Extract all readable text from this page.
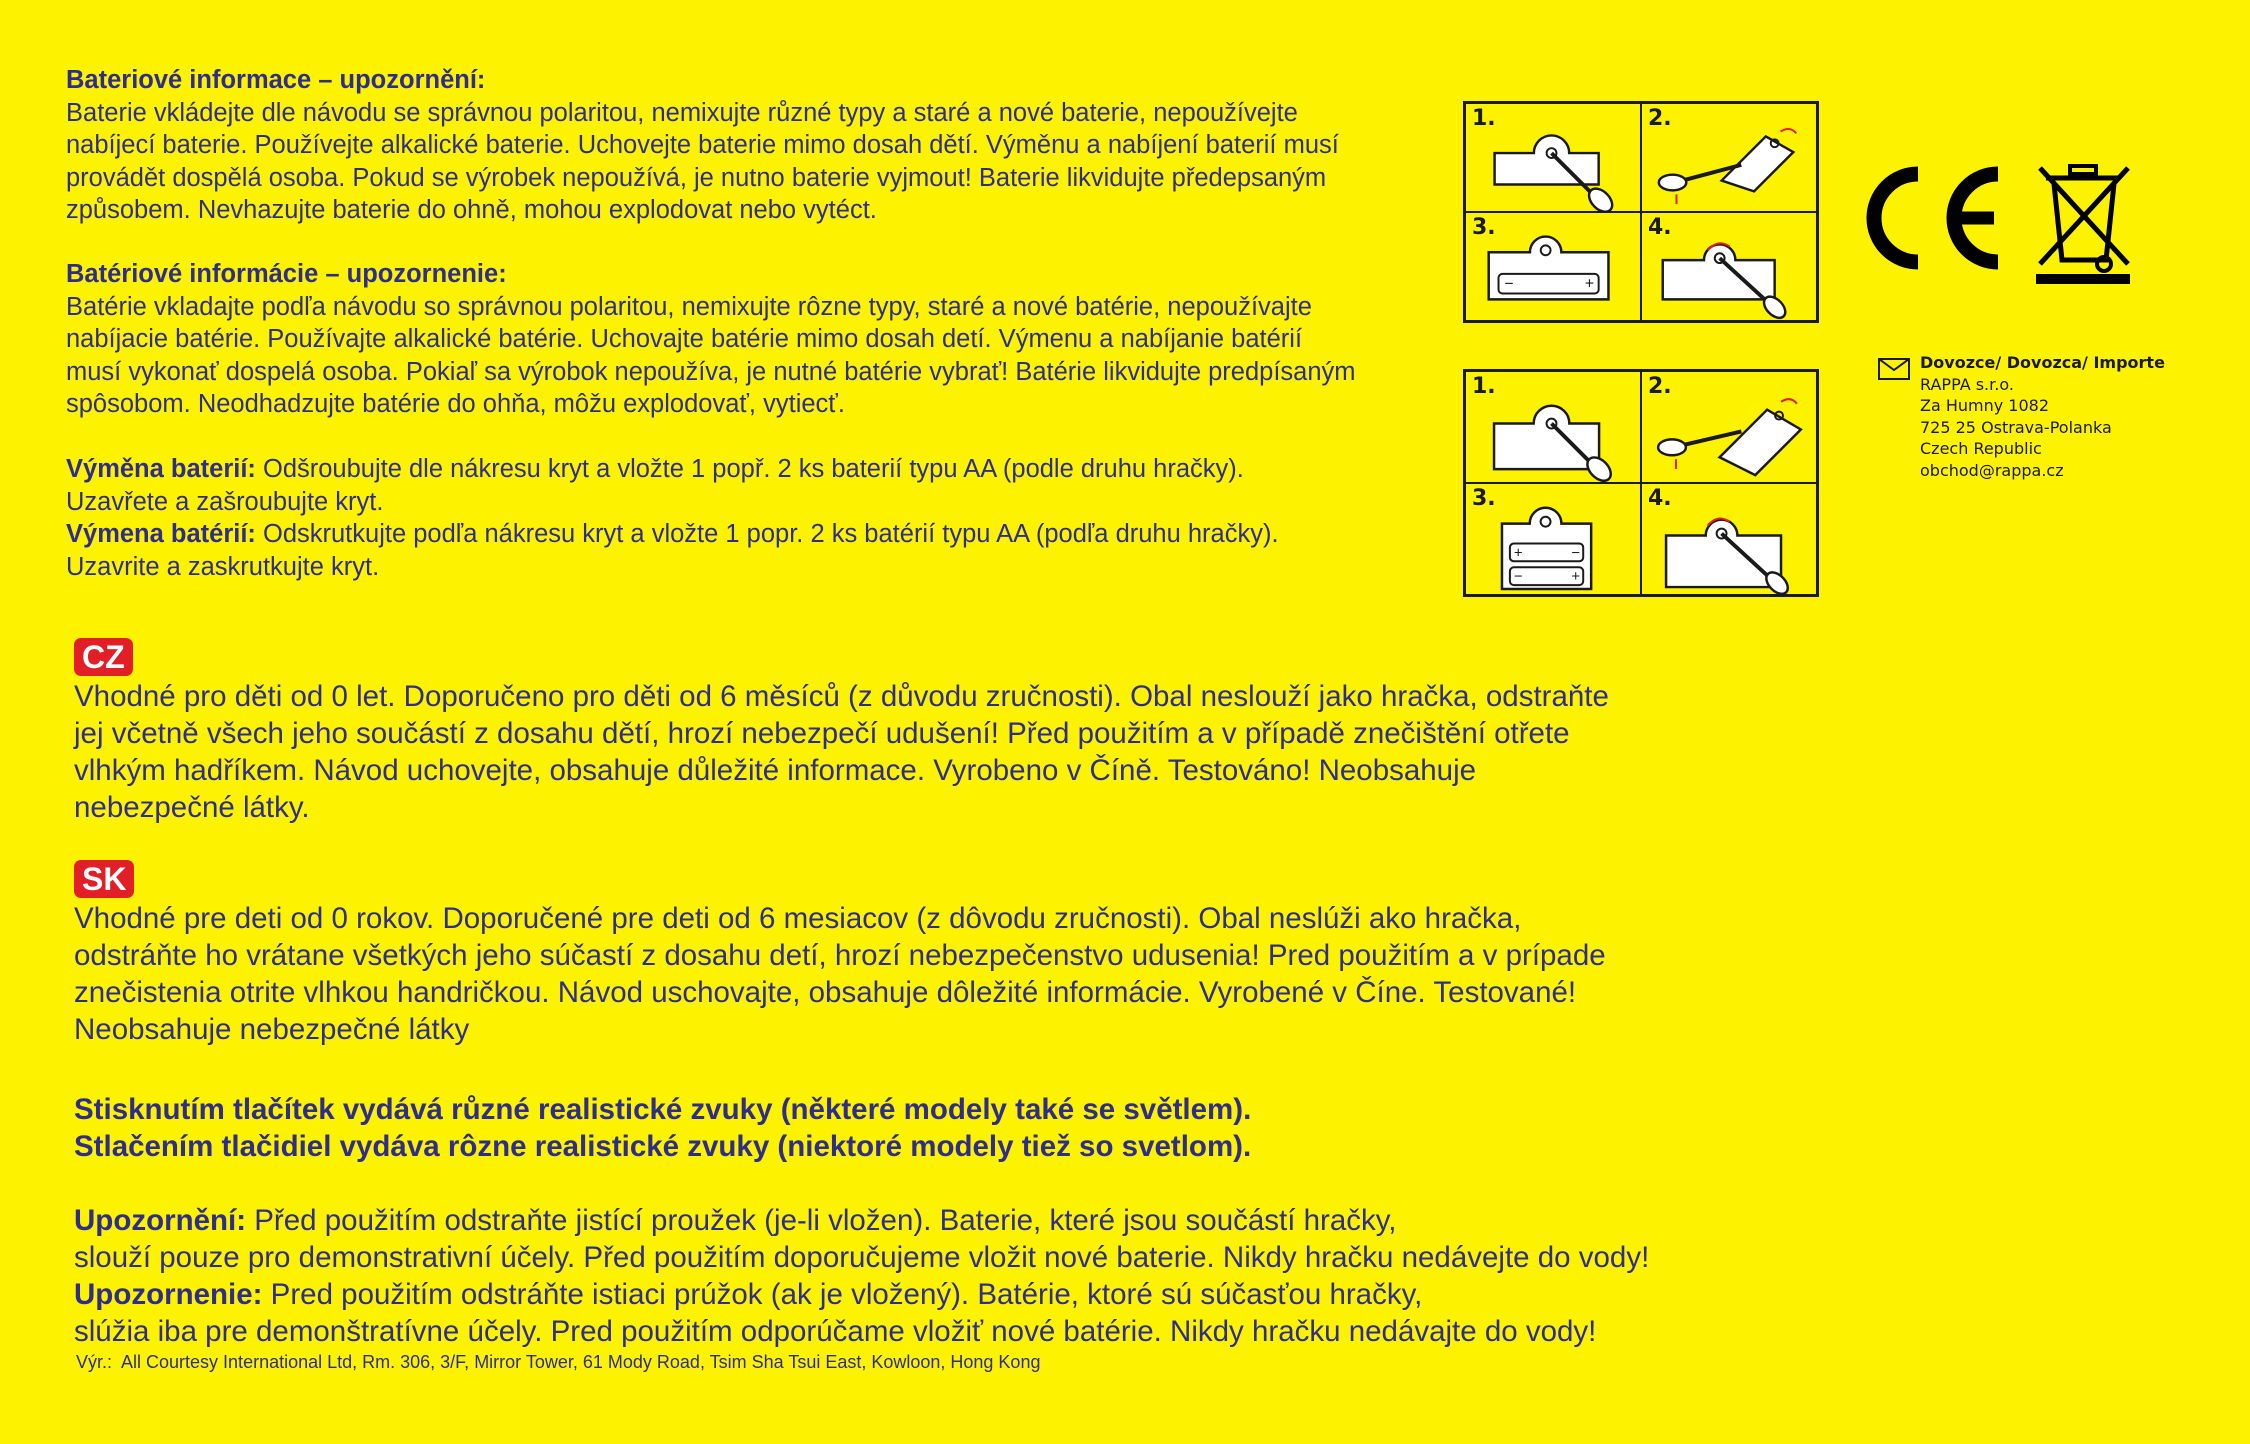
Bateriové informace – upozornění:

Baterie vkládejte dle návodu se správnou polaritou, nemixujte různé typy a staré a nové baterie, nepoužívejte

nabíjecí baterie. Používejte alkalické baterie. Uchovejte baterie mimo dosah dětí. Výměnu a nabíjení baterií musí

provádět dospělá osoba. Pokud se výrobek nepoužívá, je nutno baterie vyjmout! Baterie likvidujte předepsaným

způsobem. Nevhazujte baterie do ohně, mohou explodovat nebo vytéct.

Batériové informácie – upozornenie:

Batérie vkladajte podľa návodu so správnou polaritou, nemixujte rôzne typy, staré a nové batérie, nepoužívajte

nabíjacie batérie. Používajte alkalické batérie. Uchovajte batérie mimo dosah detí. Výmenu a nabíjanie batérií

musí vykonať dospelá osoba. Pokiaľ sa výrobok nepoužíva, je nutné batérie vybrať! Batérie likvidujte predpísaným

spôsobom. Neodhadzujte batérie do ohňa, môžu explodovať, vytiecť.

Výměna baterií: Odšroubujte dle nákresu kryt a vložte 1 popř. 2 ks baterií typu AA (podle druhu hračky).

Uzavřete a zašroubujte kryt.

Výmena batérií: Odskrutkujte podľa nákresu kryt a vložte 1 popr. 2 ks batérií typu AA (podľa druhu hračky).

Uzavrite a zaskrutkujte kryt.

1.	2.
3.
−	+
4.
1.	2.
3.
+	−
−	+
4.
Dovozce/ Dovozca/ Importe
RAPPA s.r.o.
Za Humny 1082
725 25 Ostrava-Polanka
Czech Republic
obchod@rappa.cz
CZ

Vhodné pro děti od 0 let. Doporučeno pro děti od 6 měsíců (z důvodu zručnosti). Obal neslouží jako hračka, odstraňte

jej včetně všech jeho součástí z dosahu dětí, hrozí nebezpečí udušení! Před použitím a v případě znečištění otřete

vlhkým hadříkem. Návod uchovejte, obsahuje důležité informace. Vyrobeno v Číně. Testováno! Neobsahuje

nebezpečné látky.

SK

Vhodné pre deti od 0 rokov. Doporučené pre deti od 6 mesiacov (z dôvodu zručnosti). Obal neslúži ako hračka,

odstráňte ho vrátane všetkých jeho súčastí z dosahu detí, hrozí nebezpečenstvo udusenia! Pred použitím a v prípade

znečistenia otrite vlhkou handričkou. Návod uschovajte, obsahuje dôležité informácie. Vyrobené v Číne. Testované!

Neobsahuje nebezpečné látky

Stisknutím tlačítek vydává různé realistické zvuky (některé modely také se světlem).

Stlačením tlačidiel vydáva rôzne realistické zvuky (niektoré modely tiež so svetlom).

Upozornění: Před použitím odstraňte jistící proužek (je-li vložen). Baterie, které jsou součástí hračky,

slouží pouze pro demonstrativní účely. Před použitím doporučujeme vložit nové baterie. Nikdy hračku nedávejte do vody!

Upozornenie: Pred použitím odstráňte istiaci prúžok (ak je vložený). Batérie, ktoré sú súčasťou hračky,

slúžia iba pre demonštratívne účely. Pred použitím odporúčame vložiť nové batérie. Nikdy hračku nedávajte do vody!

Výr.:  All Courtesy International Ltd, Rm. 306, 3/F, Mirror Tower, 61 Mody Road, Tsim Sha Tsui East, Kowloon, Hong Kong
